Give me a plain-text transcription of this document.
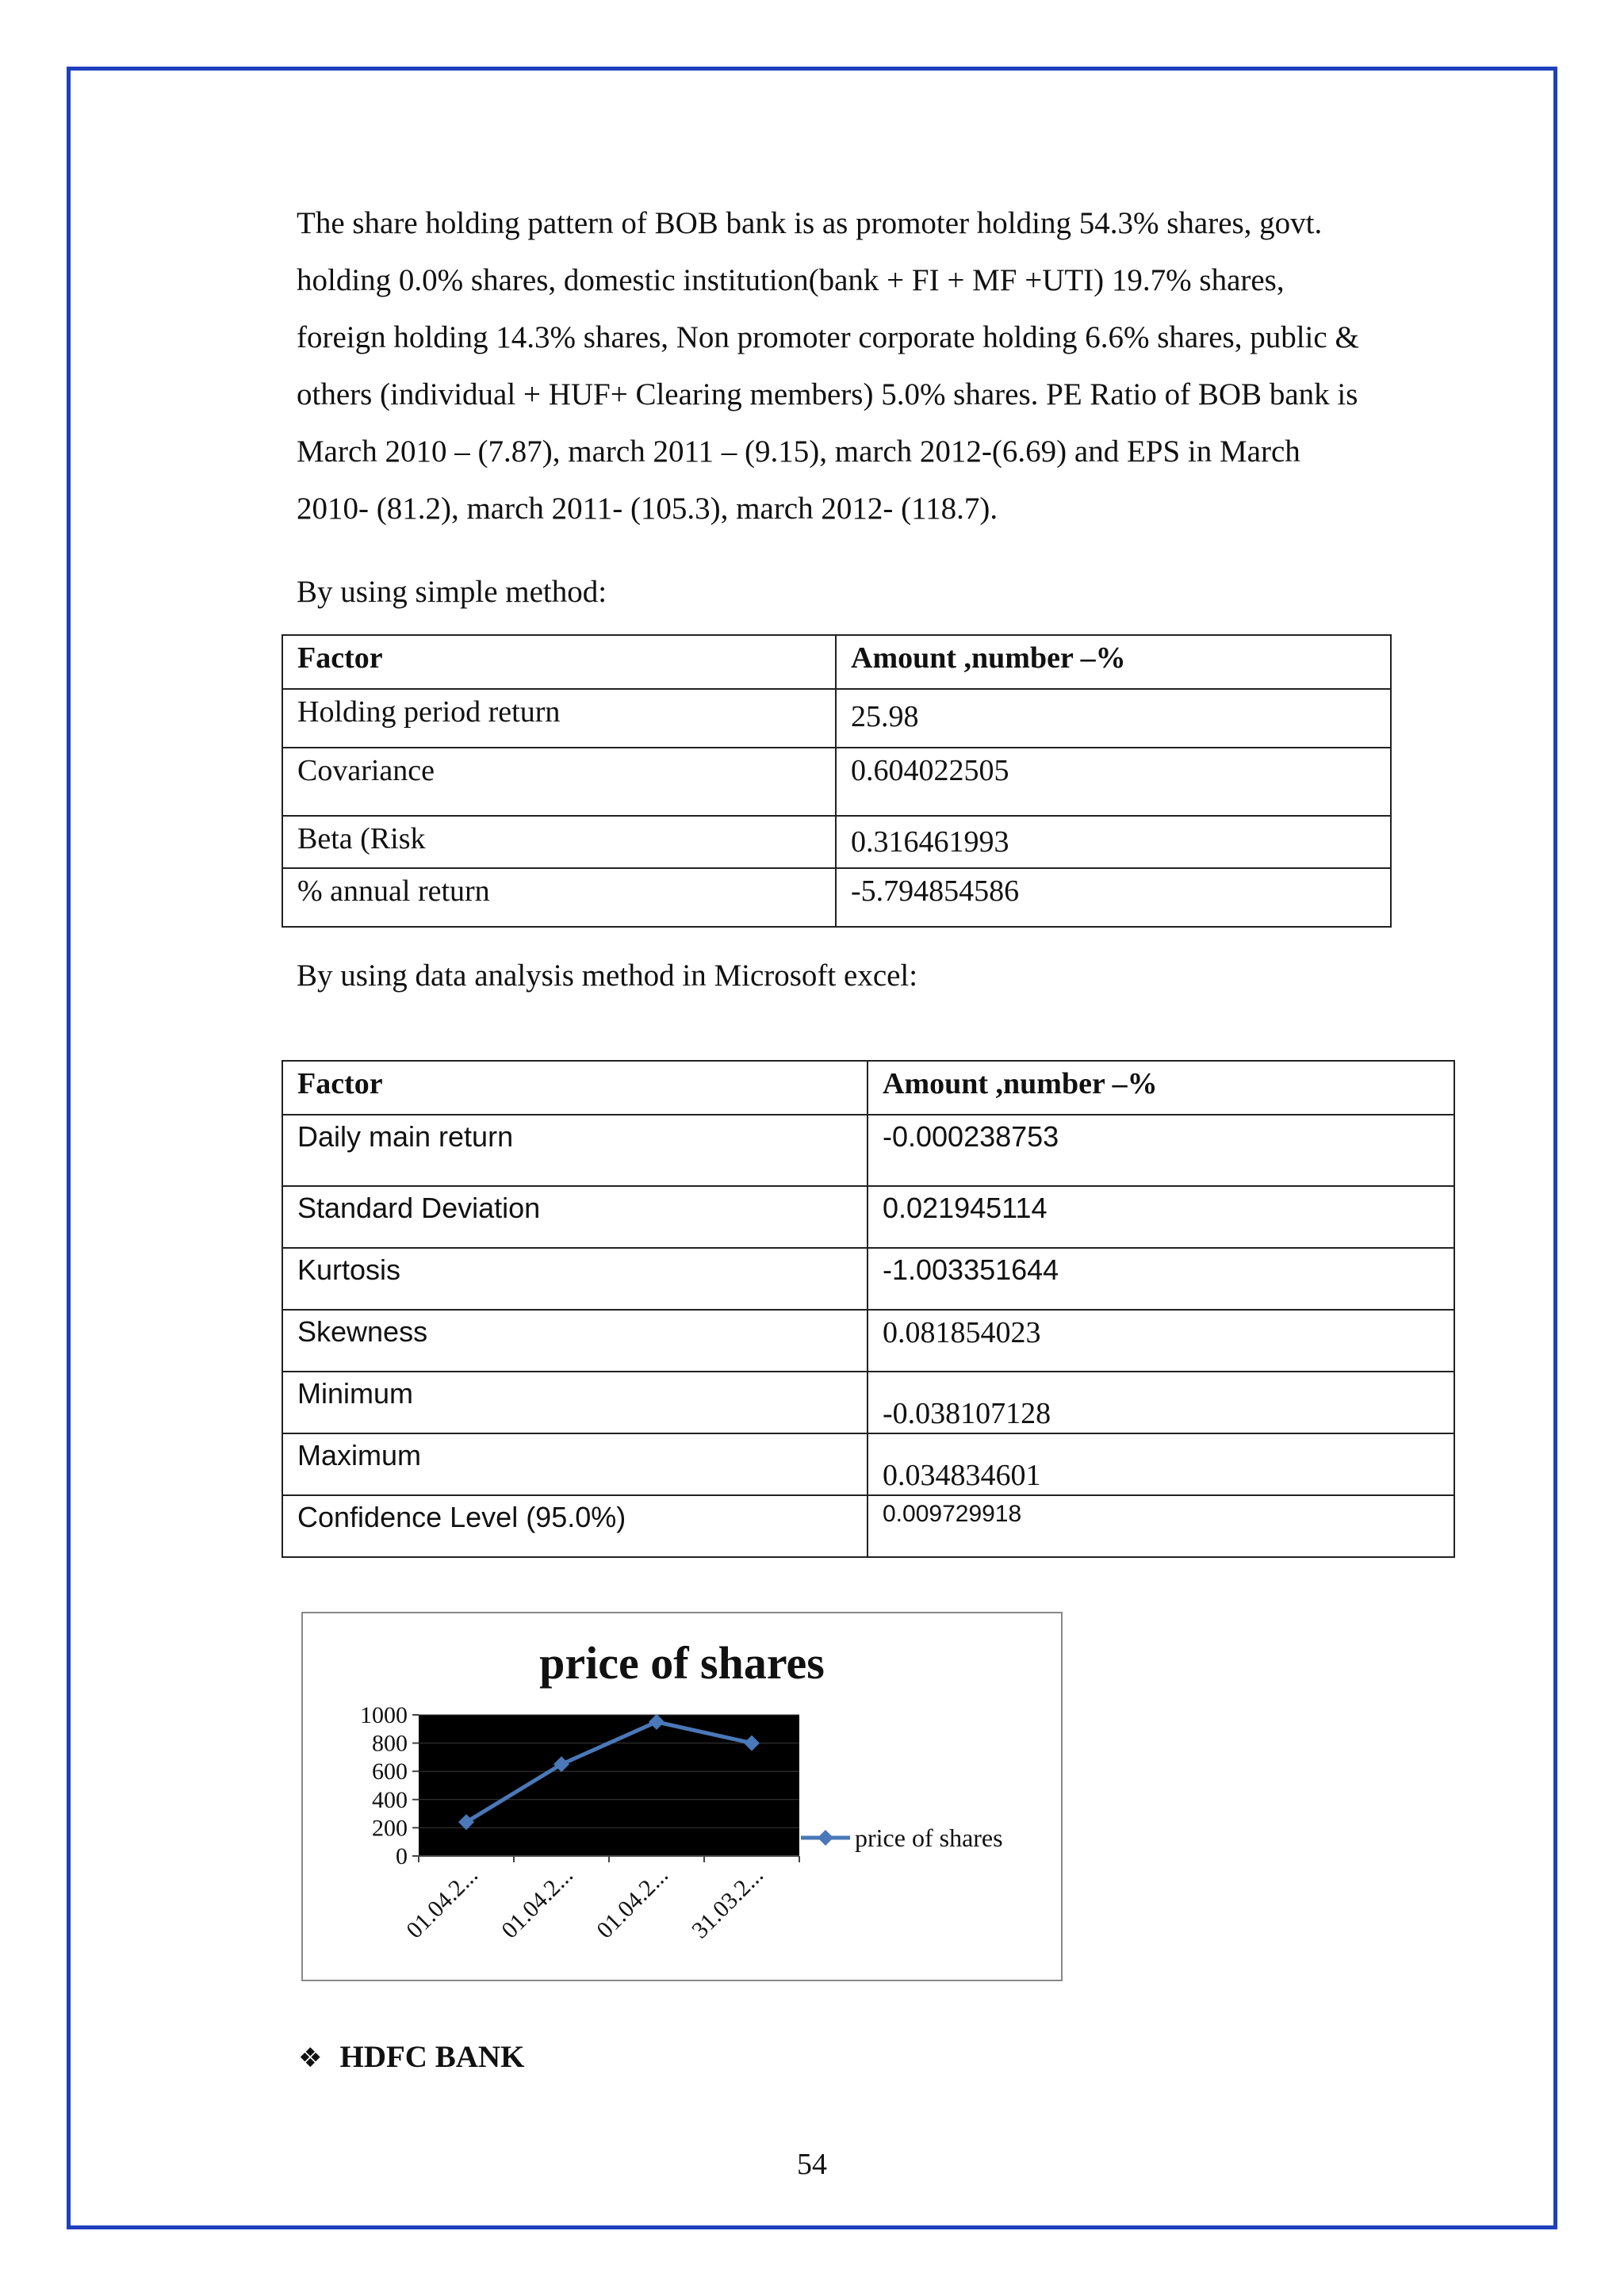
The share holding pattern of BOB bank is as promoter holding 54.3% shares, govt.
holding 0.0% shares, domestic institution(bank + FI + MF +UTI) 19.7% shares,
foreign holding 14.3% shares, Non promoter corporate holding 6.6% shares, public &
others (individual + HUF+ Clearing members) 5.0% shares. PE Ratio of BOB bank is
March 2010 – (7.87), march 2011 – (9.15), march 2012-(6.69) and EPS in March
2010- (81.2), march 2011- (105.3), march 2012- (118.7).

By using simple method:
Factor	Amount ,number –%
Holding period return	25.98
Covariance	0.604022505
Beta (Risk	0.316461993
% annual return	-5.794854586
By using data analysis method in Microsoft excel:
Factor	Amount ,number –%
Daily main return	-0.000238753
Standard Deviation	0.021945114
Kurtosis	-1.003351644
Skewness	0.081854023
Minimum	-0.038107128
Maximum	0.034834601
Confidence Level (95.0%)	0.009729918
price of shares
0
200
400
600
800
1000
01.04.2... 01.04.2... 01.04.2... 31.03.2...
price of shares
❖ HDFC BANK
54
